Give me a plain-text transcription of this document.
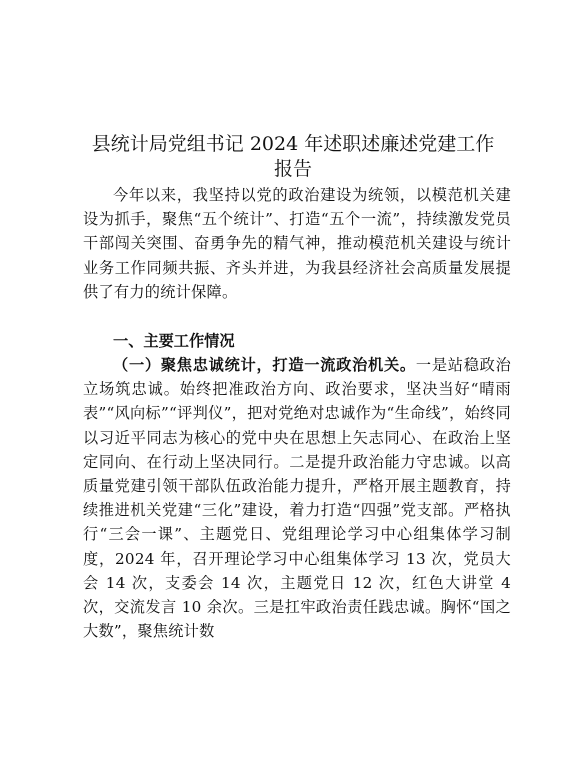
县统计局党组书记 2024 年述职述廉述党建工作
报告

今年以来，我坚持以党的政治建设为统领，以模范机关建设为抓手，聚焦“五个统计”、打造“五个一流”，持续激发党员干部闯关突围、奋勇争先的精气神，推动模范机关建设与统计业务工作同频共振、齐头并进，为我县经济社会高质量发展提供了有力的统计保障。

一、主要工作情况

（一）聚焦忠诚统计，打造一流政治机关。一是站稳政治立场筑忠诚。始终把准政治方向、政治要求，坚决当好“晴雨表”“风向标”“评判仪”，把对党绝对忠诚作为“生命线”，始终同以习近平同志为核心的党中央在思想上矢志同心、在政治上坚定同向、在行动上坚决同行。二是提升政治能力守忠诚。以高质量党建引领干部队伍政治能力提升，严格开展主题教育，持续推进机关党建“三化”建设，着力打造“四强”党支部。严格执行“三会一课”、主题党日、党组理论学习中心组集体学习制度，2024 年，召开理论学习中心组集体学习 13 次，党员大会 14 次，支委会 14 次，主题党日 12 次，红色大讲堂 4 次，交流发言 10 余次。三是扛牢政治责任践忠诚。胸怀“国之大数”，聚焦统计数
